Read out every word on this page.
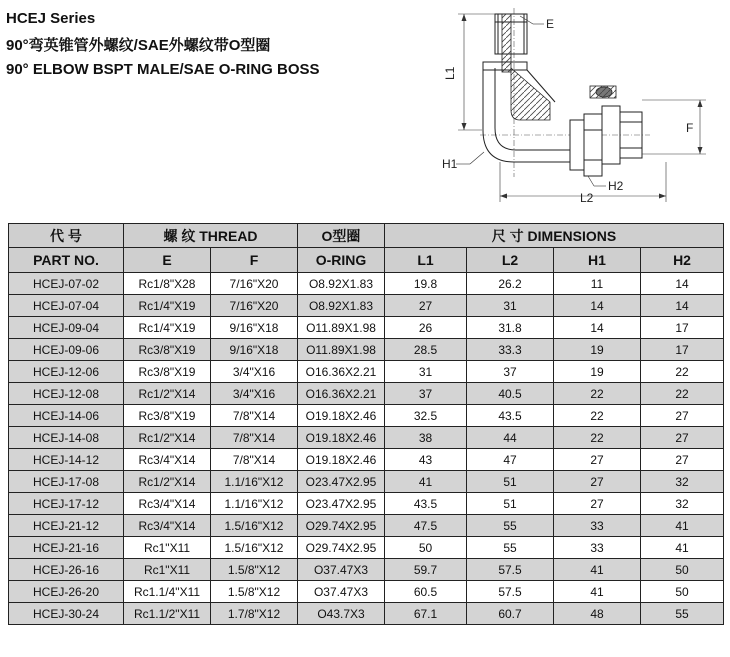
HCEJ Series
90°弯英锥管外螺纹/SAE外螺纹带O型圈
90° ELBOW BSPT MALE/SAE O-RING BOSS
E
L1
F
L2
H1
H2
代 号	螺 纹 THREAD		O型圈	尺 寸 DIMENSIONS			
PART NO.	E	F	O-RING	L1	L2	H1	H2
HCEJ-07-02	Rc1/8"X28	7/16"X20	O8.92X1.83	19.8	26.2	11	14
HCEJ-07-04	Rc1/4"X19	7/16"X20	O8.92X1.83	27	31	14	14
HCEJ-09-04	Rc1/4"X19	9/16"X18	O11.89X1.98	26	31.8	14	17
HCEJ-09-06	Rc3/8"X19	9/16"X18	O11.89X1.98	28.5	33.3	19	17
HCEJ-12-06	Rc3/8"X19	3/4"X16	O16.36X2.21	31	37	19	22
HCEJ-12-08	Rc1/2"X14	3/4"X16	O16.36X2.21	37	40.5	22	22
HCEJ-14-06	Rc3/8"X19	7/8"X14	O19.18X2.46	32.5	43.5	22	27
HCEJ-14-08	Rc1/2"X14	7/8"X14	O19.18X2.46	38	44	22	27
HCEJ-14-12	Rc3/4"X14	7/8"X14	O19.18X2.46	43	47	27	27
HCEJ-17-08	Rc1/2"X14	1.1/16"X12	O23.47X2.95	41	51	27	32
HCEJ-17-12	Rc3/4"X14	1.1/16"X12	O23.47X2.95	43.5	51	27	32
HCEJ-21-12	Rc3/4"X14	1.5/16"X12	O29.74X2.95	47.5	55	33	41
HCEJ-21-16	Rc1"X11	1.5/16"X12	O29.74X2.95	50	55	33	41
HCEJ-26-16	Rc1"X11	1.5/8"X12	O37.47X3	59.7	57.5	41	50
HCEJ-26-20	Rc1.1/4"X11	1.5/8"X12	O37.47X3	60.5	57.5	41	50
HCEJ-30-24	Rc1.1/2"X11	1.7/8"X12	O43.7X3	67.1	60.7	48	55
